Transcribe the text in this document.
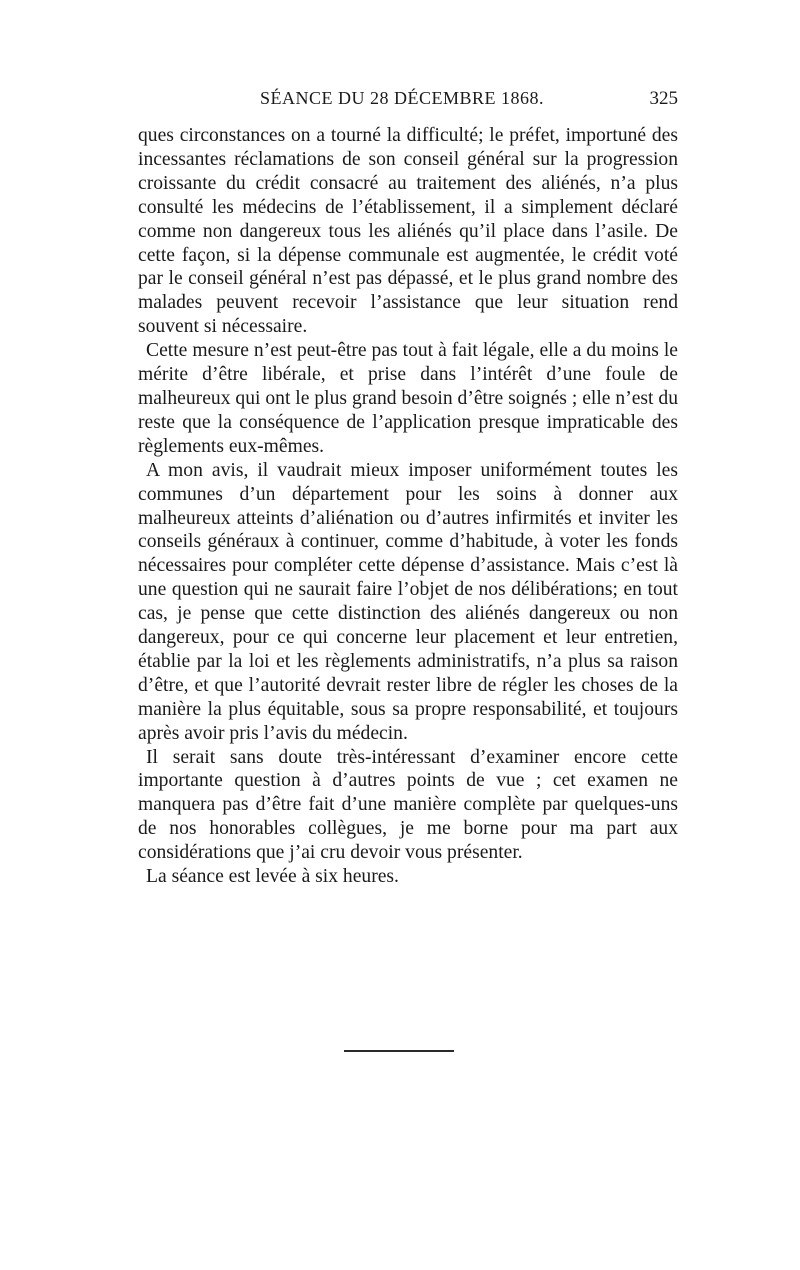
SÉANCE DU 28 DÉCEMBRE 1868.	325

ques circonstances on a tourné la difficulté; le préfet, importuné des incessantes réclamations de son conseil général sur la progression croissante du crédit consacré au traitement des aliénés, n’a plus consulté les médecins de l’établissement, il a simplement déclaré comme non dangereux tous les aliénés qu’il place dans l’asile. De cette façon, si la dépense communale est augmentée, le crédit voté par le conseil général n’est pas dépassé, et le plus grand nombre des malades peuvent recevoir l’assistance que leur situation rend souvent si nécessaire.

Cette mesure n’est peut-être pas tout à fait légale, elle a du moins le mérite d’être libérale, et prise dans l’intérêt d’une foule de malheureux qui ont le plus grand besoin d’être soignés ; elle n’est du reste que la conséquence de l’application presque impraticable des règlements eux-mêmes.

A mon avis, il vaudrait mieux imposer uniformément toutes les communes d’un département pour les soins à donner aux malheureux atteints d’aliénation ou d’autres infirmités et inviter les conseils généraux à continuer, comme d’habitude, à voter les fonds nécessaires pour compléter cette dépense d’assistance. Mais c’est là une question qui ne saurait faire l’objet de nos délibérations; en tout cas, je pense que cette distinction des aliénés dangereux ou non dangereux, pour ce qui concerne leur placement et leur entretien, établie par la loi et les règlements administratifs, n’a plus sa raison d’être, et que l’autorité devrait rester libre de régler les choses de la manière la plus équitable, sous sa propre responsabilité, et toujours après avoir pris l’avis du médecin.

Il serait sans doute très-intéressant d’examiner encore cette importante question à d’autres points de vue ; cet examen ne manquera pas d’être fait d’une manière complète par quelques-uns de nos honorables collègues, je me borne pour ma part aux considérations que j’ai cru devoir vous présenter.

La séance est levée à six heures.
